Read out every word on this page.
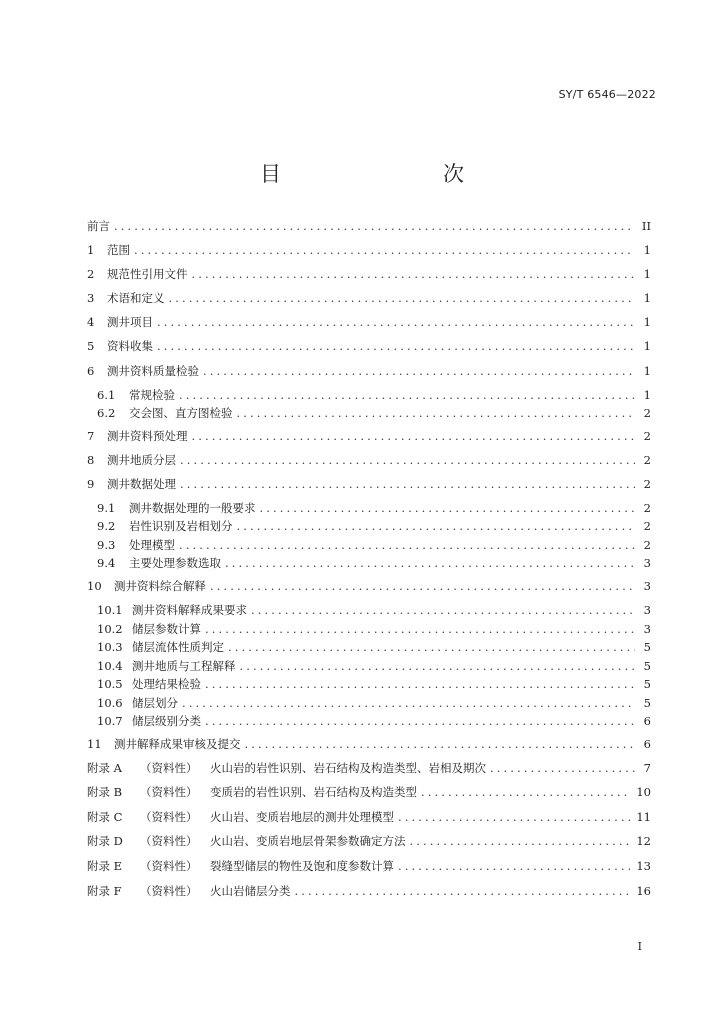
SY/T 6546—2022
目　　次
前言 .....	II
1	范围 .....	1
2	规范性引用文件 .....	1
3	术语和定义 .....	1
4	测井项目 .....	1
5	资料收集 .....	1
6	测井资料质量检验 .....	1
6.1	常规检验 .....	1
6.2	交会图、直方图检验 .....	2
7	测井资料预处理 .....	2
8	测井地质分层 .....	2
9	测井数据处理 .....	2
9.1	测井数据处理的一般要求 .....	2
9.2	岩性识别及岩相划分 .....	2
9.3	处理模型 .....	2
9.4	主要处理参数选取 .....	3
10	测井资料综合解释 .....	3
10.1 测井资料解释成果要求 .....	3
10.2 储层参数计算 .....	3
10.3 储层流体性质判定 .....	5
10.4 测井地质与工程解释 .....	5
10.5 处理结果检验 .....	5
10.6 储层划分 .....	5
10.7 储层级别分类 .....	6
11	测井解释成果审核及提交 .....	6
附录 A	（资料性）	火山岩的岩性识别、岩石结构及构造类型、岩相及期次 .....	7
附录 B	（资料性）	变质岩的岩性识别、岩石结构及构造类型 .....	10
附录 C	（资料性）	火山岩、变质岩地层的测井处理模型 .....	11
附录 D	（资料性）	火山岩、变质岩地层骨架参数确定方法 .....	12
附录 E	（资料性）	裂缝型储层的物性及饱和度参数计算 .....	13
附录 F	（资料性）	火山岩储层分类 .....	16
I
